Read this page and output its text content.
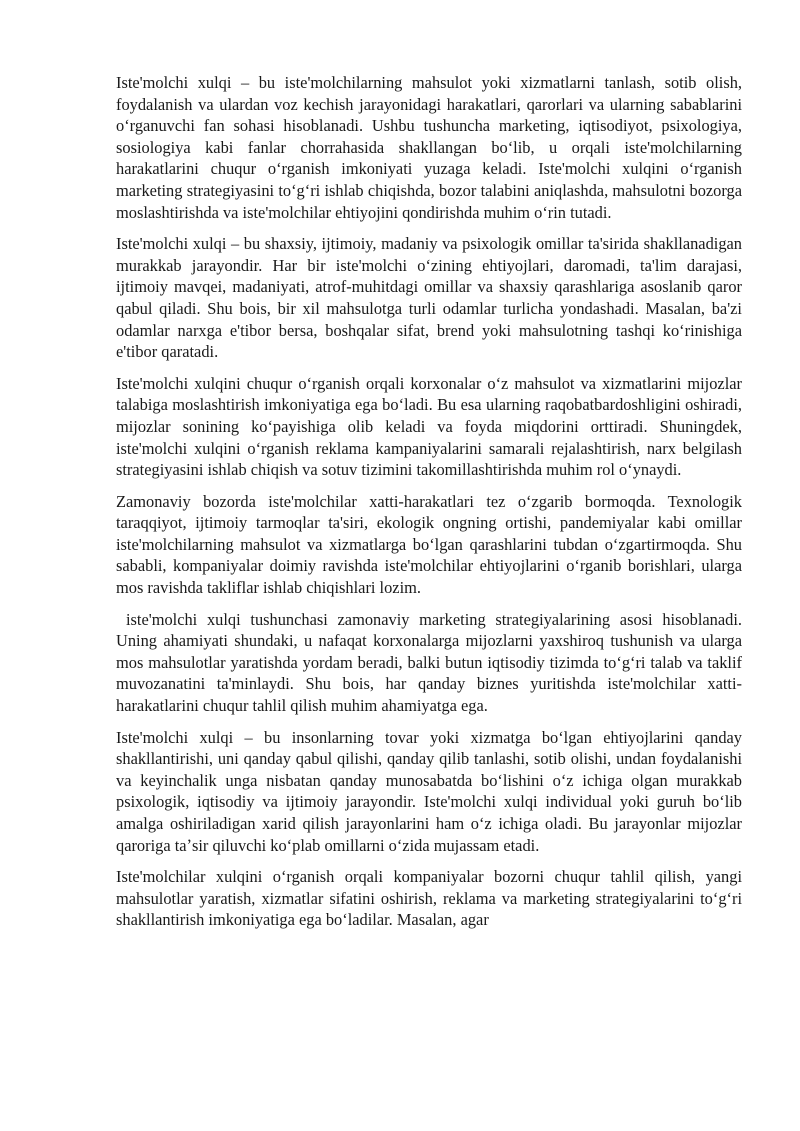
Iste'molchi xulqi – bu iste'molchilarning mahsulot yoki xizmatlarni tanlash, sotib olish, foydalanish va ulardan voz kechish jarayonidagi harakatlari, qarorlari va ularning sabablarini oʻrganuvchi fan sohasi hisoblanadi. Ushbu tushuncha marketing, iqtisodiyot, psixologiya, sosiologiya kabi fanlar chorrahasida shakllangan boʻlib, u orqali iste'molchilarning harakatlarini chuqur oʻrganish imkoniyati yuzaga keladi. Iste'molchi xulqini oʻrganish marketing strategiyasini toʻgʻri ishlab chiqishda, bozor talabini aniqlashda, mahsulotni bozorga moslashtirishda va iste'molchilar ehtiyojini qondirishda muhim oʻrin tutadi.

Iste'molchi xulqi – bu shaxsiy, ijtimoiy, madaniy va psixologik omillar ta'sirida shakllanadigan murakkab jarayondir. Har bir iste'molchi oʻzining ehtiyojlari, daromadi, ta'lim darajasi, ijtimoiy mavqei, madaniyati, atrof-muhitdagi omillar va shaxsiy qarashlariga asoslanib qaror qabul qiladi. Shu bois, bir xil mahsulotga turli odamlar turlicha yondashadi. Masalan, ba'zi odamlar narxga e'tibor bersa, boshqalar sifat, brend yoki mahsulotning tashqi koʻrinishiga e'tibor qaratadi.

Iste'molchi xulqini chuqur oʻrganish orqali korxonalar oʻz mahsulot va xizmatlarini mijozlar talabiga moslashtirish imkoniyatiga ega boʻladi. Bu esa ularning raqobatbardoshligini oshiradi, mijozlar sonining koʻpayishiga olib keladi va foyda miqdorini orttiradi. Shuningdek, iste'molchi xulqini oʻrganish reklama kampaniyalarini samarali rejalashtirish, narx belgilash strategiyasini ishlab chiqish va sotuv tizimini takomillashtirishda muhim rol oʻynaydi.

Zamonaviy bozorda iste'molchilar xatti-harakatlari tez oʻzgarib bormoqda. Texnologik taraqqiyot, ijtimoiy tarmoqlar ta'siri, ekologik ongning ortishi, pandemiyalar kabi omillar iste'molchilarning mahsulot va xizmatlarga boʻlgan qarashlarini tubdan oʻzgartirmoqda. Shu sababli, kompaniyalar doimiy ravishda iste'molchilar ehtiyojlarini oʻrganib borishlari, ularga mos ravishda takliflar ishlab chiqishlari lozim.

iste'molchi xulqi tushunchasi zamonaviy marketing strategiyalarining asosi hisoblanadi. Uning ahamiyati shundaki, u nafaqat korxonalarga mijozlarni yaxshiroq tushunish va ularga mos mahsulotlar yaratishda yordam beradi, balki butun iqtisodiy tizimda toʻgʻri talab va taklif muvozanatini ta'minlaydi. Shu bois, har qanday biznes yuritishda iste'molchilar xatti-harakatlarini chuqur tahlil qilish muhim ahamiyatga ega.

Iste'molchi xulqi – bu insonlarning tovar yoki xizmatga boʻlgan ehtiyojlarini qanday shakllantirishi, uni qanday qabul qilishi, qanday qilib tanlashi, sotib olishi, undan foydalanishi va keyinchalik unga nisbatan qanday munosabatda boʻlishini oʻz ichiga olgan murakkab psixologik, iqtisodiy va ijtimoiy jarayondir. Iste'molchi xulqi individual yoki guruh boʻlib amalga oshiriladigan xarid qilish jarayonlarini ham oʻz ichiga oladi. Bu jarayonlar mijozlar qaroriga taʼsir qiluvchi koʻplab omillarni oʻzida mujassam etadi.

Iste'molchilar xulqini oʻrganish orqali kompaniyalar bozorni chuqur tahlil qilish, yangi mahsulotlar yaratish, xizmatlar sifatini oshirish, reklama va marketing strategiyalarini toʻgʻri shakllantirish imkoniyatiga ega boʻladilar. Masalan, agar
